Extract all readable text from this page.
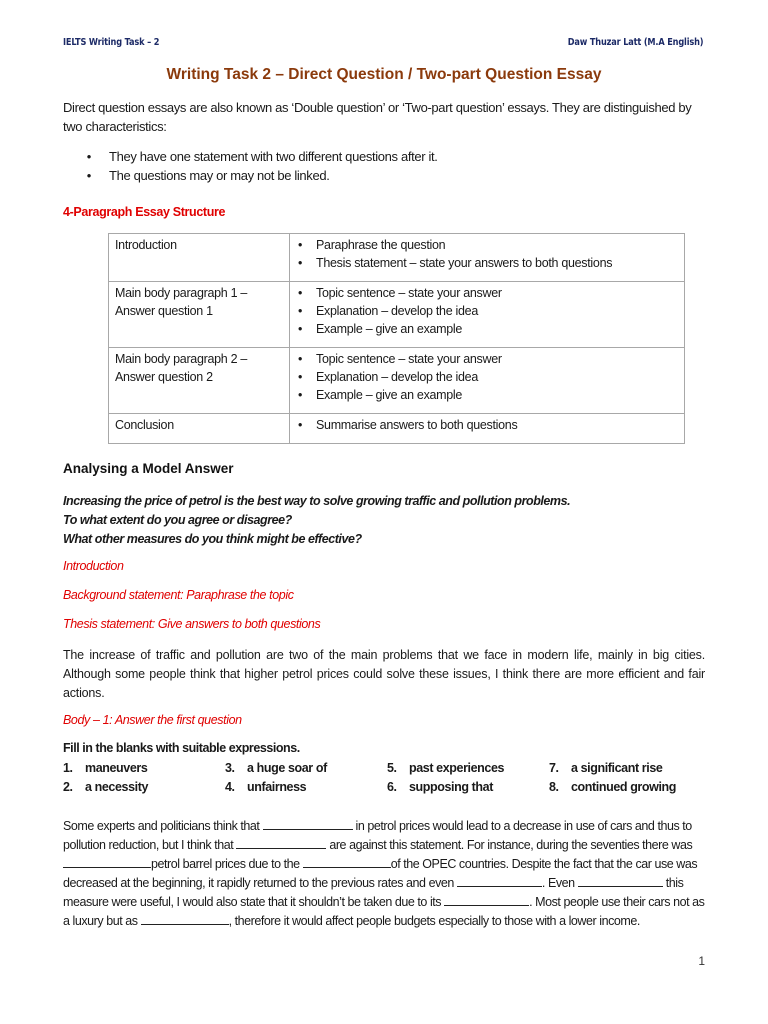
IELTS Writing Task – 2	Daw Thuzar Latt (M.A English)
Writing Task 2 – Direct Question / Two-part Question Essay
Direct question essays are also known as ‘Double question’ or ‘Two-part question’ essays. They are distinguished by two characteristics:
• They have one statement with two different questions after it.
• The questions may or may not be linked.
4-Paragraph Essay Structure
Introduction	
•Paraphrase the question
• Thesis statement – state your answers to both questions

Main body paragraph 1 – Answer question 1	
• Topic sentence – state your answer
• Explanation – develop the idea
• Example – give an example

Main body paragraph 2 – Answer question 2	
• Topic sentence – state your answer
• Explanation – develop the idea
• Example – give an example

Conclusion	
•Summarise answers to both questions
Analysing a Model Answer
Increasing the price of petrol is the best way to solve growing traffic and pollution problems.
To what extent do you agree or disagree?
What other measures do you think might be effective?
Introduction
Background statement: Paraphrase the topic
Thesis statement: Give answers to both questions
The increase of traffic and pollution are two of the main problems that we face in modern life, mainly in big cities. Although some people think that higher petrol prices could solve these issues, I think there are more efficient and fair actions.
Body – 1: Answer the first question
Fill in the blanks with suitable expressions.
1. maneuvers
2. a necessity
3. a huge soar of
4. unfairness
5. past experiences
6. supposing that
7. a significant rise
8. continued growing
Some experts and politicians think that	in petrol prices would lead to a decrease in use of cars and thus to pollution reduction, but I think that	are against this statement. For instance, during the seventies there was petrol barrel prices due to the	of the OPEC countries. Despite the fact that the car use was decreased at the beginning, it rapidly returned to the previous rates and even	. Even	this measure were useful, I would also state that it shouldn’t be taken due to its	. Most people use their cars not as a luxury but as	, therefore it would affect people budgets especially to those with a lower income.
1
